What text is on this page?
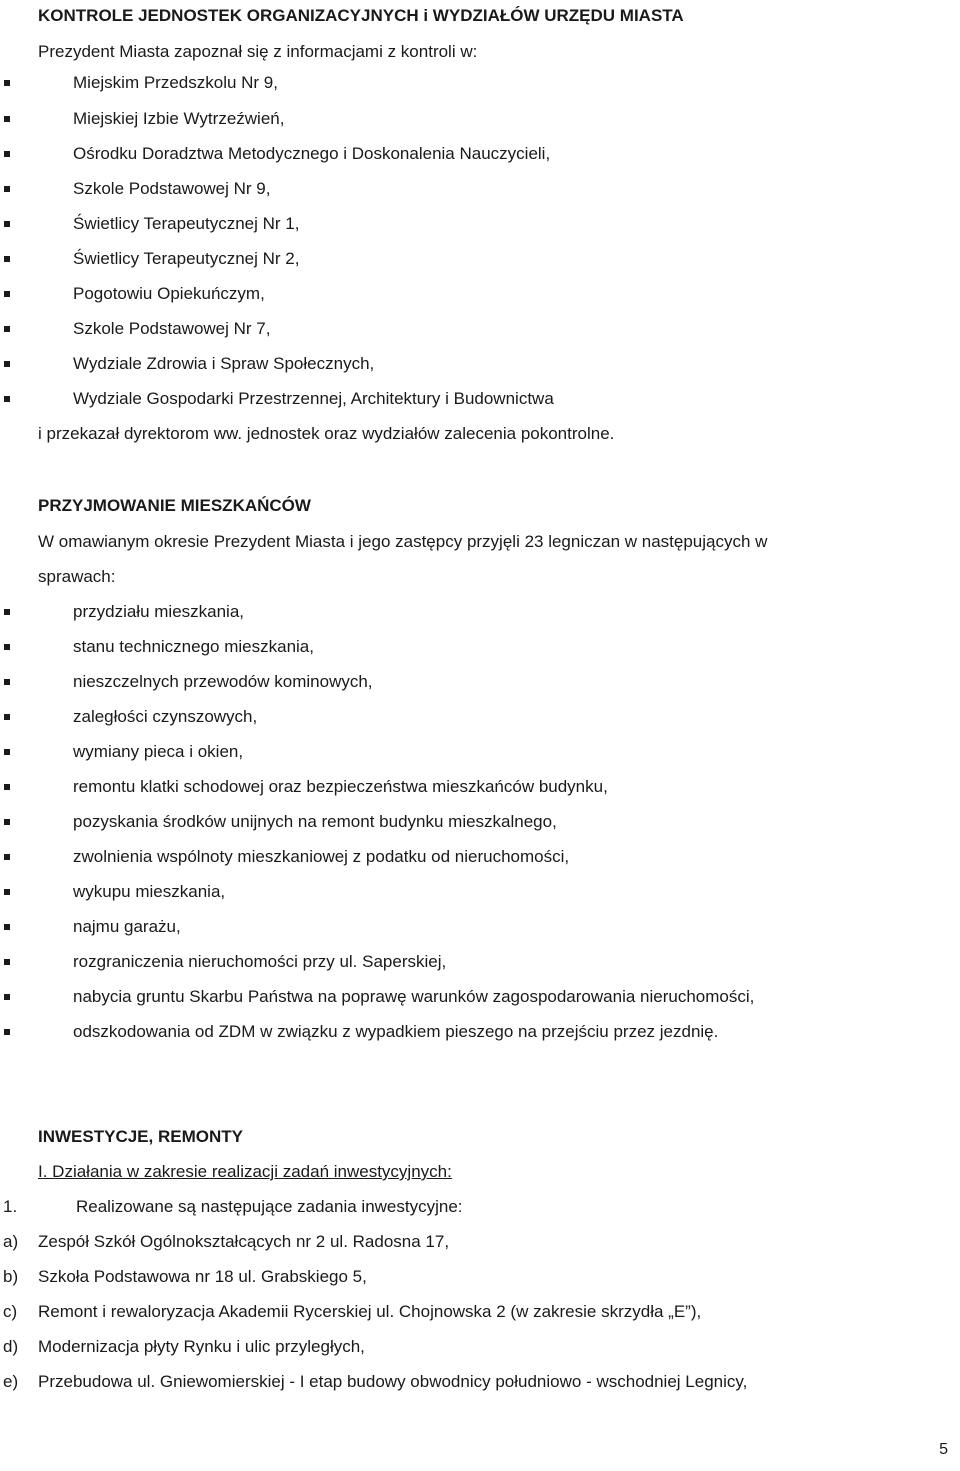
KONTROLE JEDNOSTEK ORGANIZACYJNYCH i WYDZIAŁÓW URZĘDU MIASTA
Prezydent Miasta zapoznał się z informacjami z kontroli w:
Miejskim Przedszkolu Nr 9,
Miejskiej Izbie Wytrzeźwień,
Ośrodku Doradztwa Metodycznego i Doskonalenia Nauczycieli,
Szkole Podstawowej Nr 9,
Świetlicy Terapeutycznej Nr 1,
Świetlicy Terapeutycznej Nr 2,
Pogotowiu Opiekuńczym,
Szkole Podstawowej Nr 7,
Wydziale Zdrowia i Spraw Społecznych,
Wydziale Gospodarki Przestrzennej, Architektury i Budownictwa
i przekazał dyrektorom ww. jednostek oraz wydziałów zalecenia pokontrolne.
PRZYJMOWANIE MIESZKAŃCÓW
W omawianym okresie Prezydent Miasta i jego zastępcy przyjęli 23 legniczan w następujących w
sprawach:
przydziału mieszkania,
stanu technicznego mieszkania,
nieszczelnych przewodów kominowych,
zaległości czynszowych,
wymiany pieca i okien,
remontu klatki schodowej oraz bezpieczeństwa mieszkańców budynku,
pozyskania środków unijnych na remont budynku mieszkalnego,
zwolnienia wspólnoty mieszkaniowej z podatku od nieruchomości,
wykupu mieszkania,
najmu garażu,
rozgraniczenia nieruchomości przy ul. Saperskiej,
nabycia gruntu Skarbu Państwa na poprawę warunków zagospodarowania nieruchomości,
odszkodowania od ZDM w związku z wypadkiem pieszego na przejściu przez jezdnię.
INWESTYCJE, REMONTY
I. Działania w zakresie realizacji zadań inwestycyjnych:
1.	Realizowane są następujące zadania inwestycyjne:
a) Zespół Szkół Ogólnokształcących nr 2 ul. Radosna 17,
b) Szkoła Podstawowa nr 18 ul. Grabskiego 5,
c) Remont i rewaloryzacja Akademii Rycerskiej ul. Chojnowska 2 (w zakresie skrzydła „E”),
d) Modernizacja płyty Rynku i ulic przyległych,
e) Przebudowa ul. Gniewomierskiej - I etap budowy obwodnicy południowo - wschodniej Legnicy,
5
